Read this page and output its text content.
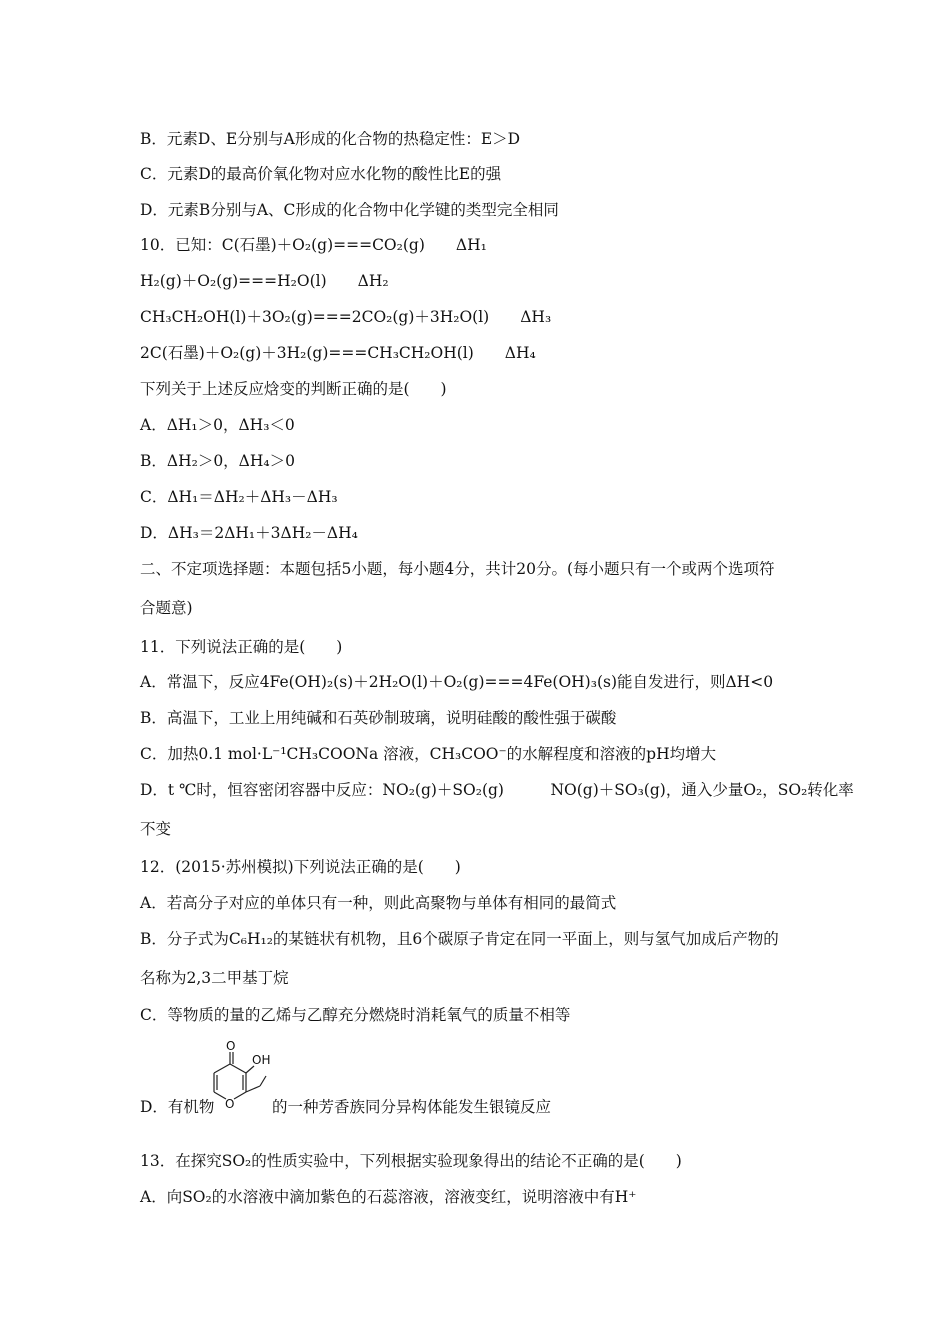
B．元素D、E分别与A形成的化合物的热稳定性：E＞D
C．元素D的最高价氧化物对应水化物的酸性比E的强
D．元素B分别与A、C形成的化合物中化学键的类型完全相同
10．已知：C(石墨)＋O₂(g)===CO₂(g)　　ΔH₁
H₂(g)＋O₂(g)===H₂O(l)　　ΔH₂
CH₃CH₂OH(l)＋3O₂(g)===2CO₂(g)＋3H₂O(l)　　ΔH₃
2C(石墨)＋O₂(g)＋3H₂(g)===CH₃CH₂OH(l)　　ΔH₄
下列关于上述反应焓变的判断正确的是(　　)
A．ΔH₁＞0，ΔH₃＜0
B．ΔH₂＞0，ΔH₄＞0
C．ΔH₁＝ΔH₂＋ΔH₃－ΔH₃
D．ΔH₃＝2ΔH₁＋3ΔH₂－ΔH₄
二、不定项选择题：本题包括5小题，每小题4分，共计20分。(每小题只有一个或两个选项符
合题意)
11．下列说法正确的是(　　)
A．常温下，反应4Fe(OH)₂(s)＋2H₂O(l)＋O₂(g)===4Fe(OH)₃(s)能自发进行，则ΔH<0
B．高温下，工业上用纯碱和石英砂制玻璃，说明硅酸的酸性强于碳酸
C．加热0.1 mol·L⁻¹CH₃COONa 溶液，CH₃COO⁻的水解程度和溶液的pH均增大
D．t ℃时，恒容密闭容器中反应：NO₂(g)＋SO₂(g)　　　NO(g)＋SO₃(g)，通入少量O₂，SO₂转化率
不变
12．(2015·苏州模拟)下列说法正确的是(　　)
A．若高分子对应的单体只有一种，则此高聚物与单体有相同的最简式
B．分子式为C₆H₁₂的某链状有机物，且6个碳原子肯定在同一平面上，则与氢气加成后产物的
名称为2,3二甲基丁烷
C．等物质的量的乙烯与乙醇充分燃烧时消耗氧气的质量不相等
D．有机物	的一种芳香族同分异构体能发生银镜反应
O
OH
O
13．在探究SO₂的性质实验中，下列根据实验现象得出的结论不正确的是(　　)
A．向SO₂的水溶液中滴加紫色的石蕊溶液，溶液变红，说明溶液中有H⁺
